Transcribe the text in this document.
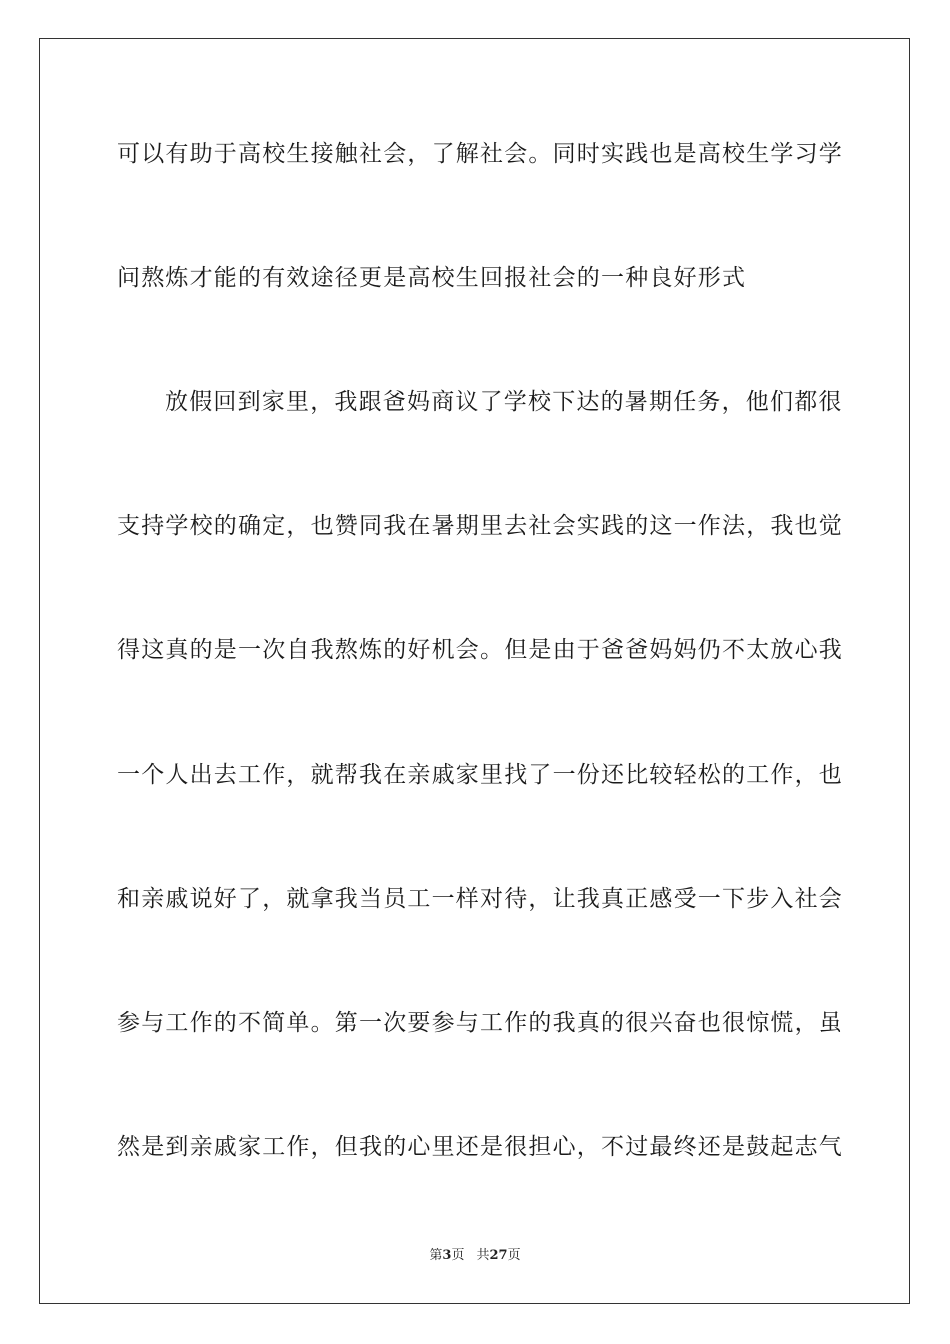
可以有助于高校生接触社会，了解社会。同时实践也是高校生学习学
问熬炼才能的有效途径更是高校生回报社会的一种良好形式
放假回到家里，我跟爸妈商议了学校下达的暑期任务，他们都很
支持学校的确定，也赞同我在暑期里去社会实践的这一作法，我也觉
得这真的是一次自我熬炼的好机会。但是由于爸爸妈妈仍不太放心我
一个人出去工作，就帮我在亲戚家里找了一份还比较轻松的工作，也
和亲戚说好了，就拿我当员工一样对待，让我真正感受一下步入社会
参与工作的不简单。第一次要参与工作的我真的很兴奋也很惊慌，虽
然是到亲戚家工作，但我的心里还是很担心，不过最终还是鼓起志气
第3页 共27页
